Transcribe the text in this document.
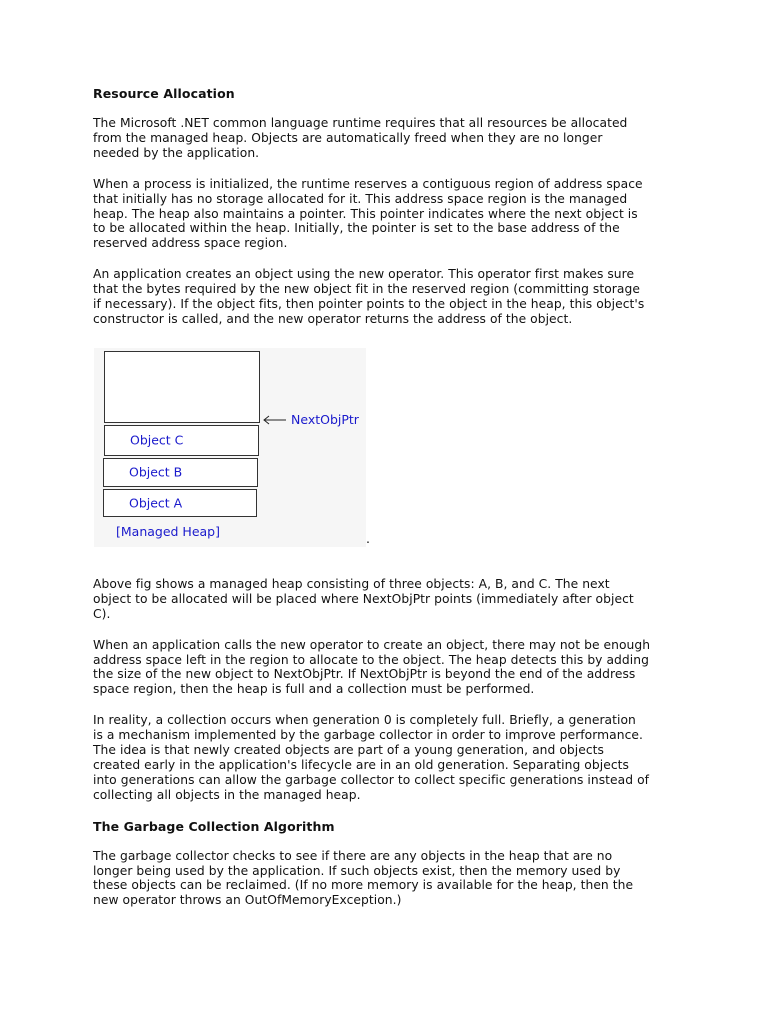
Resource Allocation

The Microsoft .NET common language runtime requires that all resources be allocated
from the managed heap. Objects are automatically freed when they are no longer
needed by the application.

When a process is initialized, the runtime reserves a contiguous region of address space
that initially has no storage allocated for it. This address space region is the managed
heap. The heap also maintains a pointer. This pointer indicates where the next object is
to be allocated within the heap. Initially, the pointer is set to the base address of the
reserved address space region.

An application creates an object using the new operator. This operator first makes sure
that the bytes required by the new object fit in the reserved region (committing storage
if necessary). If the object fits, then pointer points to the object in the heap, this object's
constructor is called, and the new operator returns the address of the object.

Object C
Object B
Object A
NextObjPtr
[Managed Heap]	.

Above fig shows a managed heap consisting of three objects: A, B, and C. The next
object to be allocated will be placed where NextObjPtr points (immediately after object
C).

When an application calls the new operator to create an object, there may not be enough
address space left in the region to allocate to the object. The heap detects this by adding
the size of the new object to NextObjPtr. If NextObjPtr is beyond the end of the address
space region, then the heap is full and a collection must be performed.

In reality, a collection occurs when generation 0 is completely full. Briefly, a generation
is a mechanism implemented by the garbage collector in order to improve performance.
The idea is that newly created objects are part of a young generation, and objects
created early in the application's lifecycle are in an old generation. Separating objects
into generations can allow the garbage collector to collect specific generations instead of
collecting all objects in the managed heap.

The Garbage Collection Algorithm

The garbage collector checks to see if there are any objects in the heap that are no
longer being used by the application. If such objects exist, then the memory used by
these objects can be reclaimed. (If no more memory is available for the heap, then the
new operator throws an OutOfMemoryException.)
